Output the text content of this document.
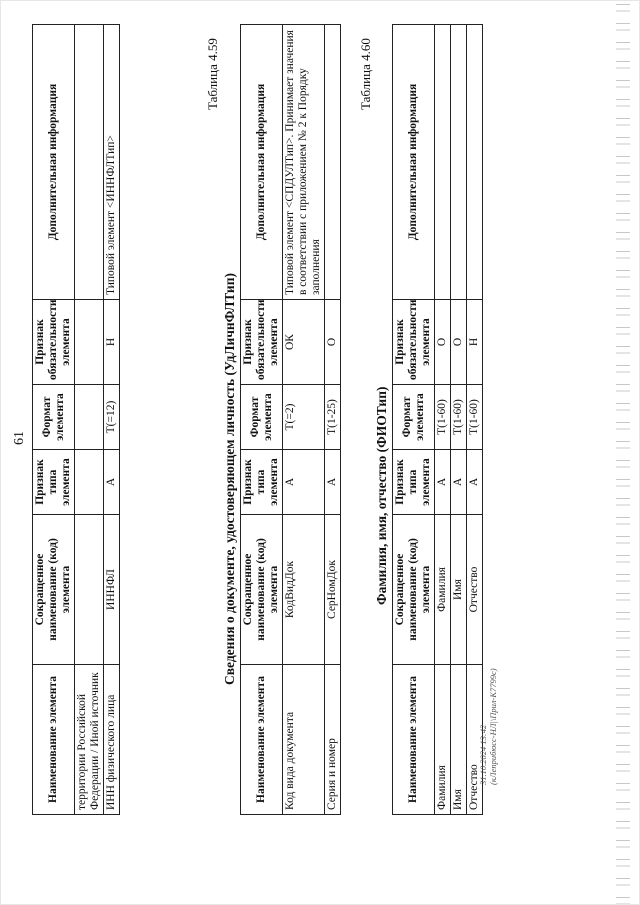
61
Наименование элемента	Сокращенное наименование (код) элемента	Признак типа элемента	Формат элемента	Признак обязательности элемента	Дополнительная информация
территории Российской Федерации / Иной источник					
ИНН физического лица	ИННФЛ	А	T(=12)	Н	Типовой элемент <ИННФЛТип>
Таблица 4.59
Сведения о документе, удостоверяющем личность (УдЛичнФЛТип)
Наименование элемента	Сокращенное наименование (код) элемента	Признак типа элемента	Формат элемента	Признак обязательности элемента	Дополнительная информация
Код вида документа	КодВидДок	А	T(=2)	ОК	Типовой элемент <СПДУЛТип>. Принимает значения в соответствии с приложением № 2 к Порядку заполнения
Серия и номер	СерНомДок	А	T(1-25)	О	
Таблица 4.60
Фамилия, имя, отчество (ФИОТип)
Наименование элемента	Сокращенное наименование (код) элемента	Признак типа элемента	Формат элемента	Признак обязательности элемента	Дополнительная информация
Фамилия	Фамилия	А	T(1-60)	О	
Имя	Имя	А	T(1-60)	О	
Отчество	Отчество	А	T(1-60)	Н	
31.10.2024 13:42 (кЛеприбюсс-НЛ|\Прил-К7799с)
